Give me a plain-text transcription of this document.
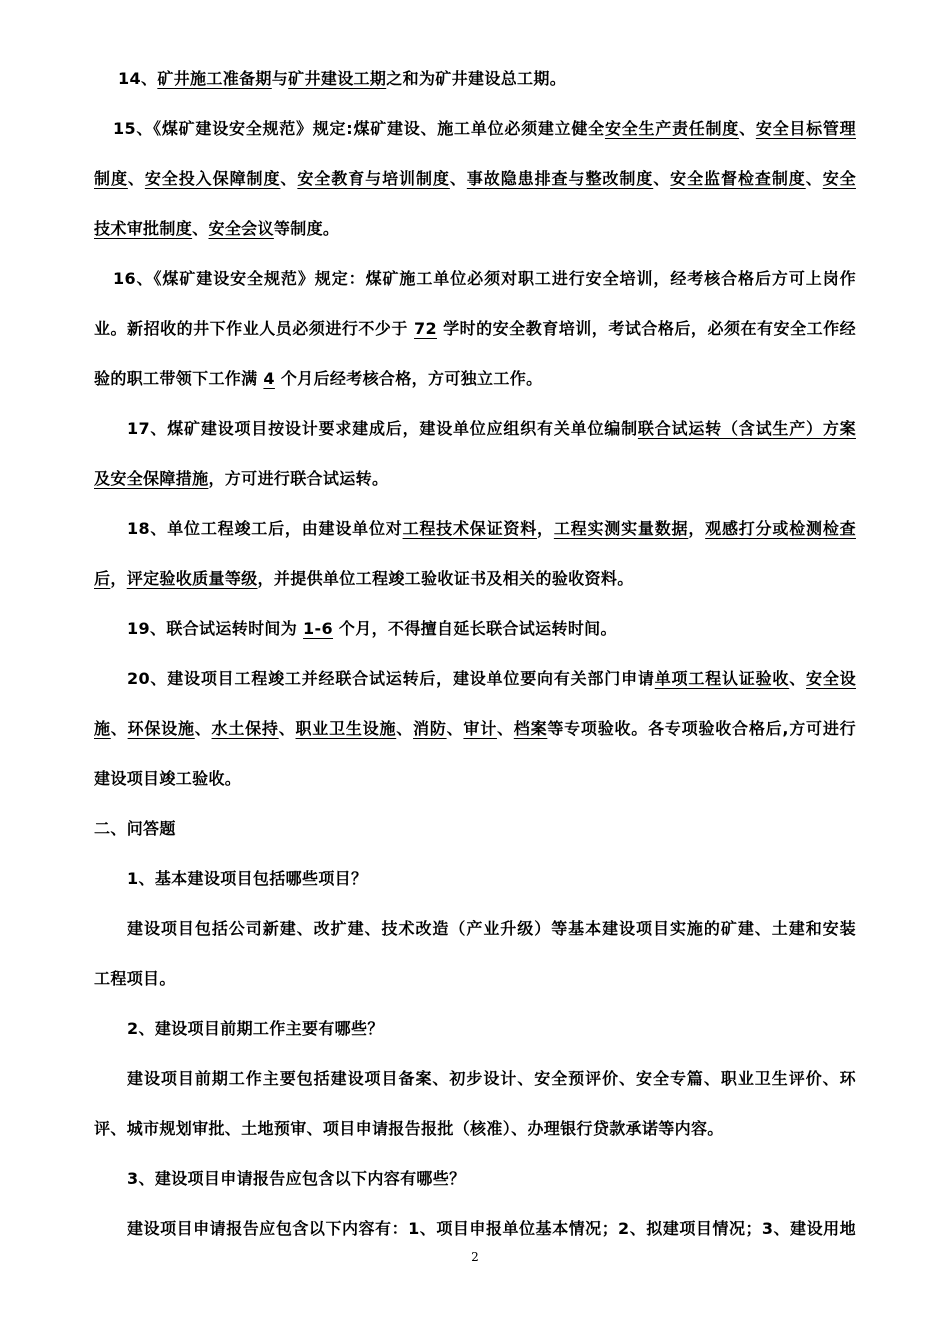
14、矿井施工准备期与矿井建设工期之和为矿井建设总工期。
15、《煤矿建设安全规范》规定:煤矿建设、施工单位必须建立健全安全生产责任制度、安全目标管理
制度、安全投入保障制度、安全教育与培训制度、事故隐患排查与整改制度、安全监督检查制度、安全
技术审批制度、安全会议等制度。
16、《煤矿建设安全规范》规定：煤矿施工单位必须对职工进行安全培训，经考核合格后方可上岗作
业。新招收的井下作业人员必须进行不少于 72 学时的安全教育培训，考试合格后，必须在有安全工作经
验的职工带领下工作满 4 个月后经考核合格，方可独立工作。
17、煤矿建设项目按设计要求建成后，建设单位应组织有关单位编制联合试运转（含试生产）方案
及安全保障措施，方可进行联合试运转。
18、单位工程竣工后，由建设单位对工程技术保证资料，工程实测实量数据，观感打分或检测检查
后，评定验收质量等级，并提供单位工程竣工验收证书及相关的验收资料。
19、联合试运转时间为 1-6 个月，不得擅自延长联合试运转时间。
20、建设项目工程竣工并经联合试运转后，建设单位要向有关部门申请单项工程认证验收、安全设
施、环保设施、水土保持、职业卫生设施、消防、审计、档案等专项验收。各专项验收合格后,方可进行
建设项目竣工验收。
二、问答题
1、基本建设项目包括哪些项目？
建设项目包括公司新建、改扩建、技术改造（产业升级）等基本建设项目实施的矿建、土建和安装
工程项目。
2、建设项目前期工作主要有哪些？
建设项目前期工作主要包括建设项目备案、初步设计、安全预评价、安全专篇、职业卫生评价、环
评、城市规划审批、土地预审、项目申请报告报批（核准）、办理银行贷款承诺等内容。
3、建设项目申请报告应包含以下内容有哪些？
建设项目申请报告应包含以下内容有：1、项目申报单位基本情况；2、拟建项目情况；3、建设用地
2
